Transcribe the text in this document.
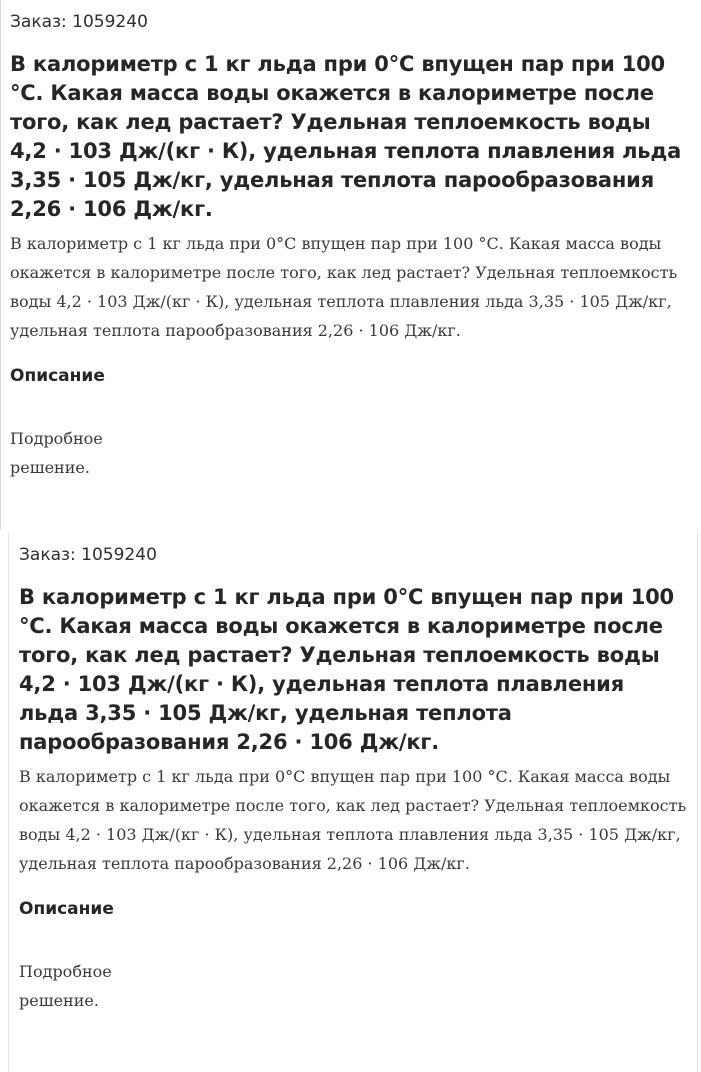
Заказ: 1059240

В калориметр с 1 кг льда при 0°С впущен пар при 100 °С. Какая масса воды окажется в калориметре после того, как лед растает? Удельная теплоемкость воды 4,2 · 103 Дж/(кг · К), удельная теплота плавления льда 3,35 · 105 Дж/кг, удельная теплота парообразования 2,26 · 106 Дж/кг.

В калориметр с 1 кг льда при 0°С впущен пар при 100 °С. Какая масса воды окажется в калориметре после того, как лед растает? Удельная теплоемкость воды 4,2 · 103 Дж/(кг · К), удельная теплота плавления льда 3,35 · 105 Дж/кг, удельная теплота парообразования 2,26 · 106 Дж/кг.

Описание

Подробное решение.

Заказ: 1059240

В калориметр с 1 кг льда при 0°С впущен пар при 100 °С. Какая масса воды окажется в калориметре после того, как лед растает? Удельная теплоемкость воды 4,2 · 103 Дж/(кг · К), удельная теплота плавления льда 3,35 · 105 Дж/кг, удельная теплота парообразования 2,26 · 106 Дж/кг.

В калориметр с 1 кг льда при 0°С впущен пар при 100 °С. Какая масса воды окажется в калориметре после того, как лед растает? Удельная теплоемкость воды 4,2 · 103 Дж/(кг · К), удельная теплота плавления льда 3,35 · 105 Дж/кг, удельная теплота парообразования 2,26 · 106 Дж/кг.

Описание

Подробное решение.
